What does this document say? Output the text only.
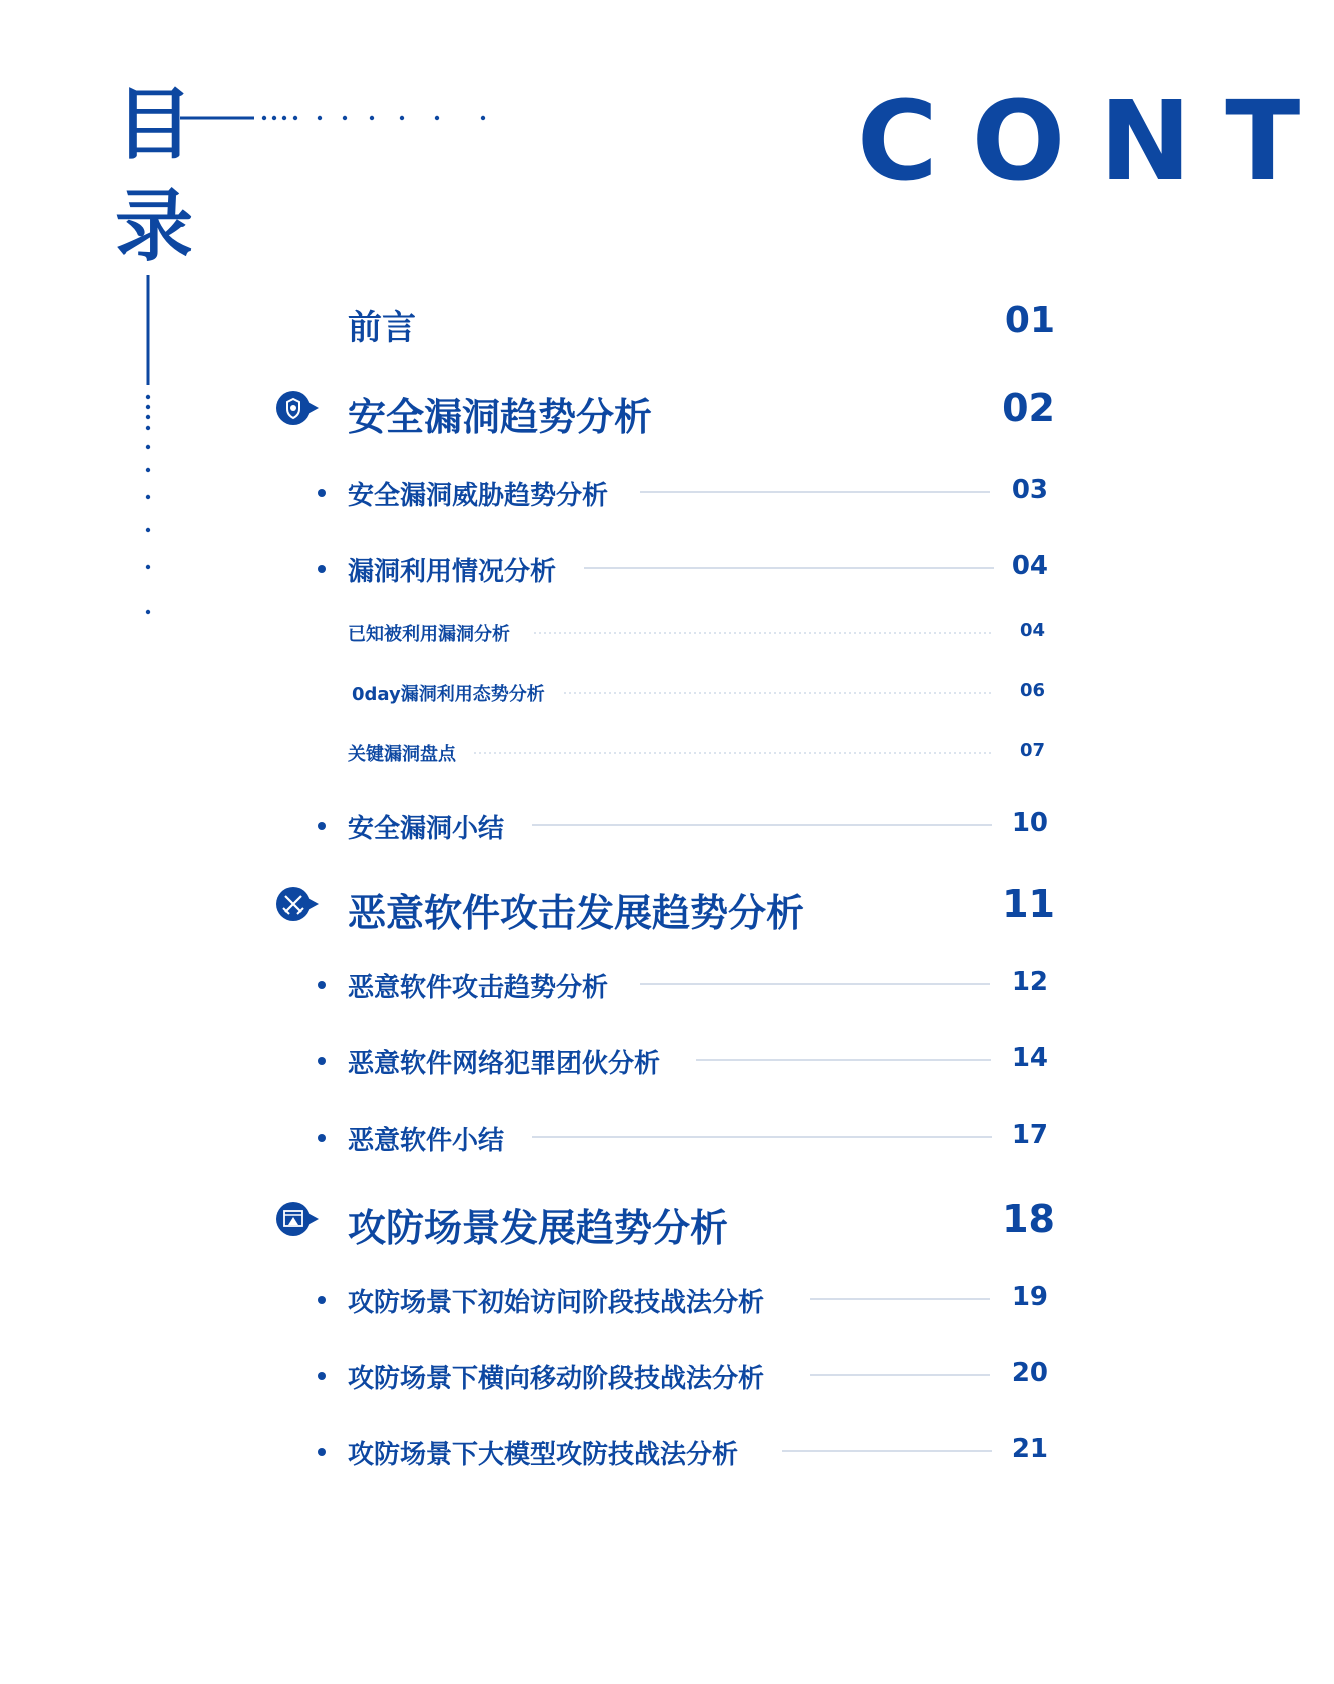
目
录
CONT
前言	01
安全漏洞趋势分析	02
安全漏洞威胁趋势分析	03
漏洞利用情况分析	04
已知被利用漏洞分析	04
0day漏洞利用态势分析	06
关键漏洞盘点	07
安全漏洞小结	10
恶意软件攻击发展趋势分析	11
恶意软件攻击趋势分析	12
恶意软件网络犯罪团伙分析	14
恶意软件小结	17
攻防场景发展趋势分析	18
攻防场景下初始访问阶段技战法分析	19
攻防场景下横向移动阶段技战法分析	20
攻防场景下大模型攻防技战法分析	21
